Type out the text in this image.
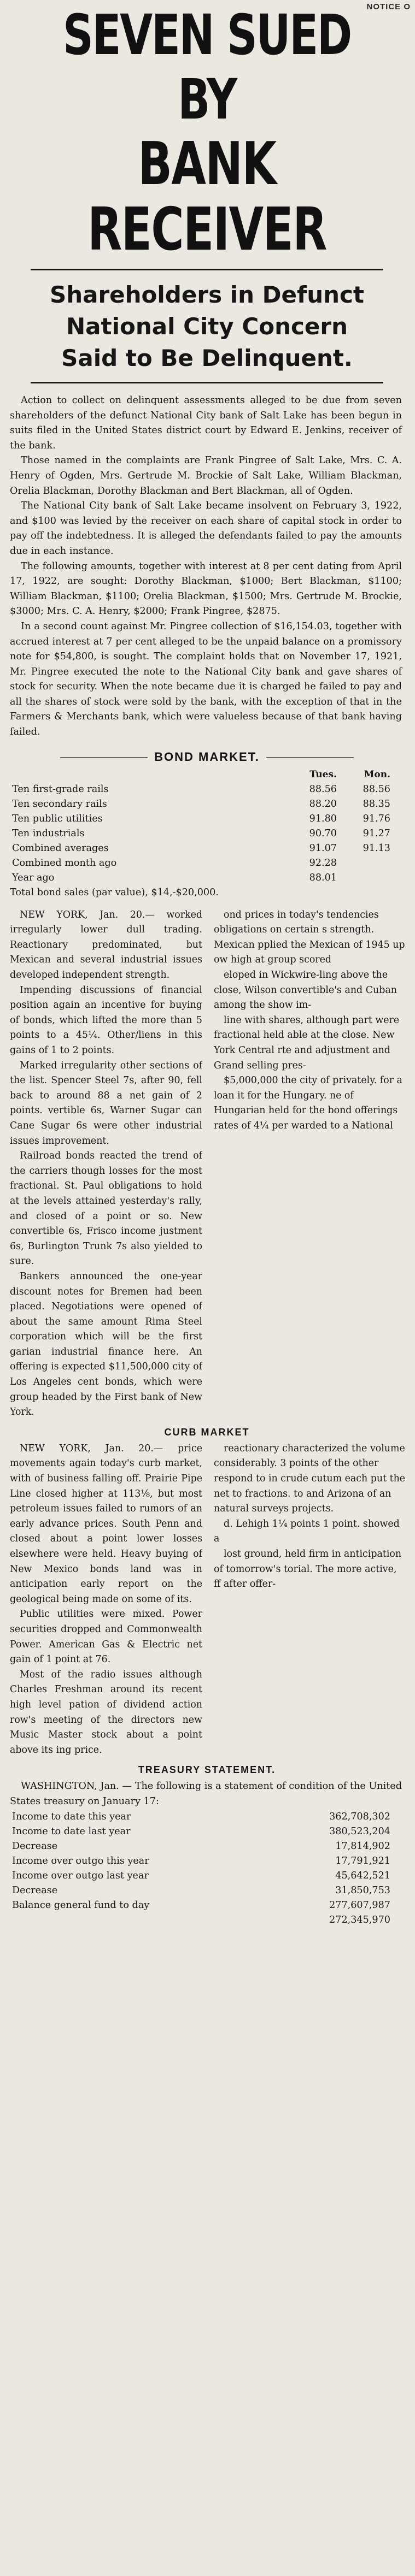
NOTICE O
SEVEN SUED BY
BANK RECEIVER
Shareholders in Defunct
National City Concern
Said to Be Delinquent.

Action to collect on delinquent assessments alleged to be due from seven shareholders of the defunct National City bank of Salt Lake has been begun in suits filed in the United States district court by Edward E. Jenkins, receiver of the bank.

Those named in the complaints are Frank Pingree of Salt Lake, Mrs. C. A. Henry of Ogden, Mrs. Gertrude M. Brockie of Salt Lake, William Blackman, Orelia Blackman, Dorothy Blackman and Bert Blackman, all of Ogden.

The National City bank of Salt Lake became insolvent on February 3, 1922, and $100 was levied by the receiver on each share of capital stock in order to pay off the indebtedness. It is alleged the defendants failed to pay the amounts due in each instance.

The following amounts, together with interest at 8 per cent dating from April 17, 1922, are sought: Dorothy Blackman, $1000; Bert Blackman, $1100; William Blackman, $1100; Orelia Blackman, $1500; Mrs. Gertrude M. Brockie, $3000; Mrs. C. A. Henry, $2000; Frank Pingree, $2875.

In a second count against Mr. Pingree collection of $16,154.03, together with accrued interest at 7 per cent alleged to be the unpaid balance on a promissory note for $54,800, is sought. The complaint holds that on November 17, 1921, Mr. Pingree executed the note to the National City bank and gave shares of stock for security. When the note became due it is charged he failed to pay and all the shares of stock were sold by the bank, with the exception of that in the Farmers & Merchants bank, which were valueless because of that bank having failed.

BOND MARKET.
	Tues.	Mon.
Ten first-grade rails	88.56	88.56
Ten secondary rails	88.20	88.35
Ten public utilities	91.80	91.76
Ten industrials	90.70	91.27
Combined averages	91.07	91.13
Combined month ago	92.28	
Year ago	88.01	

Total bond sales (par value), $14,-$20,000.

NEW YORK, Jan. 20.— worked irregularly lower dull trading. Reactionary predominated, but Mexican and several industrial issues developed independent strength.

Impending discussions of financial position again an incentive for buying of bonds, which lifted the more than 5 points to a 45¼. Other/liens in this gains of 1 to 2 points.

Marked irregularity other sections of the list. Spencer Steel 7s, after 90, fell back to around 88 a net gain of 2 points. vertible 6s, Warner Sugar can Cane Sugar 6s were other industrial issues improvement.

Railroad bonds reacted the trend of the carriers though losses for the most fractional. St. Paul obligations to hold at the levels attained yesterday's rally, and closed of a point or so. New convertible 6s, Frisco income justment 6s, Burlington Trunk 7s also yielded to sure.

Bankers announced the one-year discount notes for Bremen had been placed. Negotiations were opened of about the same amount Rima Steel corporation which will be the first garian industrial finance here. An offering is expected $11,500,000 city of Los Angeles cent bonds, which were group headed by the First bank of New York.

ond prices in today's tendencies obligations on certain s strength. Mexican pplied the Mexican of 1945 up ow high at group scored

eloped in Wickwire-ling above the close, Wilson convertible's and Cuban among the show im-

line with shares, although part were fractional held able at the close. New York Central rte and adjustment and Grand selling pres-

$5,000,000 the city of privately. for a loan it for the Hungary. ne of Hungarian held for the bond offerings rates of 4¼ per warded to a National

CURB MARKET

NEW YORK, Jan. 20.— price movements again today's curb market, with of business falling off. Prairie Pipe Line closed higher at 113⅛, but most petroleum issues failed to rumors of an early advance prices. South Penn and closed about a point lower losses elsewhere were held. Heavy buying of New Mexico bonds land was in anticipation early report on the geological being made on some of its.

Public utilities were mixed. Power securities dropped and Commonwealth Power. American Gas & Electric net gain of 1 point at 76.

Most of the radio issues although Charles Freshman around its recent high level pation of dividend action row's meeting of the directors new Music Master stock about a point above its ing price.

reactionary characterized the volume considerably. 3 points of the other respond to in crude cutum each put the net to fractions. to and Arizona of an natural surveys projects.

d. Lehigh 1¼ points 1 point. showed a

lost ground, held firm in anticipation of tomorrow's torial. The more active, ff after offer-

TREASURY STATEMENT.

WASHINGTON, Jan. — The following is a statement of condition of the United States treasury on January 17:

Income to date this year	362,708,302
Income to date last year	380,523,204
Decrease	17,814,902
Income over outgo this year	17,791,921
Income over outgo last year	45,642,521
Decrease	31,850,753
Balance general fund to day	277,607,987
	272,345,970
